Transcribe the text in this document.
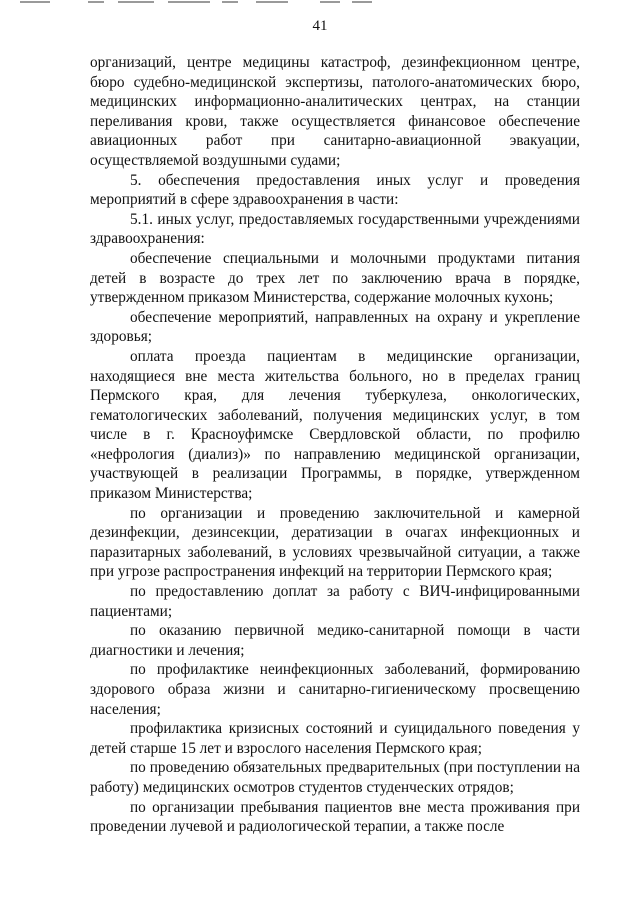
41

организаций, центре медицины катастроф, дезинфекционном центре, бюро судебно-медицинской экспертизы, патолого-анатомических бюро, медицинских информационно-аналитических центрах, на станции переливания крови, также осуществляется финансовое обеспечение авиационных работ при санитарно-авиационной эвакуации, осуществляемой воздушными судами;

5. обеспечения предоставления иных услуг и проведения мероприятий в сфере здравоохранения в части:

5.1. иных услуг, предоставляемых государственными учреждениями здравоохранения:

обеспечение специальными и молочными продуктами питания детей в возрасте до трех лет по заключению врача в порядке, утвержденном приказом Министерства, содержание молочных кухонь;

обеспечение мероприятий, направленных на охрану и укрепление здоровья;

оплата проезда пациентам в медицинские организации, находящиеся вне места жительства больного, но в пределах границ Пермского края, для лечения туберкулеза, онкологических, гематологических заболеваний, получения медицинских услуг, в том числе в г. Красноуфимске Свердловской области, по профилю «нефрология (диализ)» по направлению медицинской организации, участвующей в реализации Программы, в порядке, утвержденном приказом Министерства;

по организации и проведению заключительной и камерной дезинфекции, дезинсекции, дератизации в очагах инфекционных и паразитарных заболеваний, в условиях чрезвычайной ситуации, а также при угрозе распространения инфекций на территории Пермского края;

по предоставлению доплат за работу с ВИЧ-инфицированными пациентами;

по оказанию первичной медико-санитарной помощи в части диагностики и лечения;

по профилактике неинфекционных заболеваний, формированию здорового образа жизни и санитарно-гигиеническому просвещению населения;

профилактика кризисных состояний и суицидального поведения у детей старше 15 лет и взрослого населения Пермского края;

по проведению обязательных предварительных (при поступлении на работу) медицинских осмотров студентов студенческих отрядов;

по организации пребывания пациентов вне места проживания при проведении лучевой и радиологической терапии, а также после
